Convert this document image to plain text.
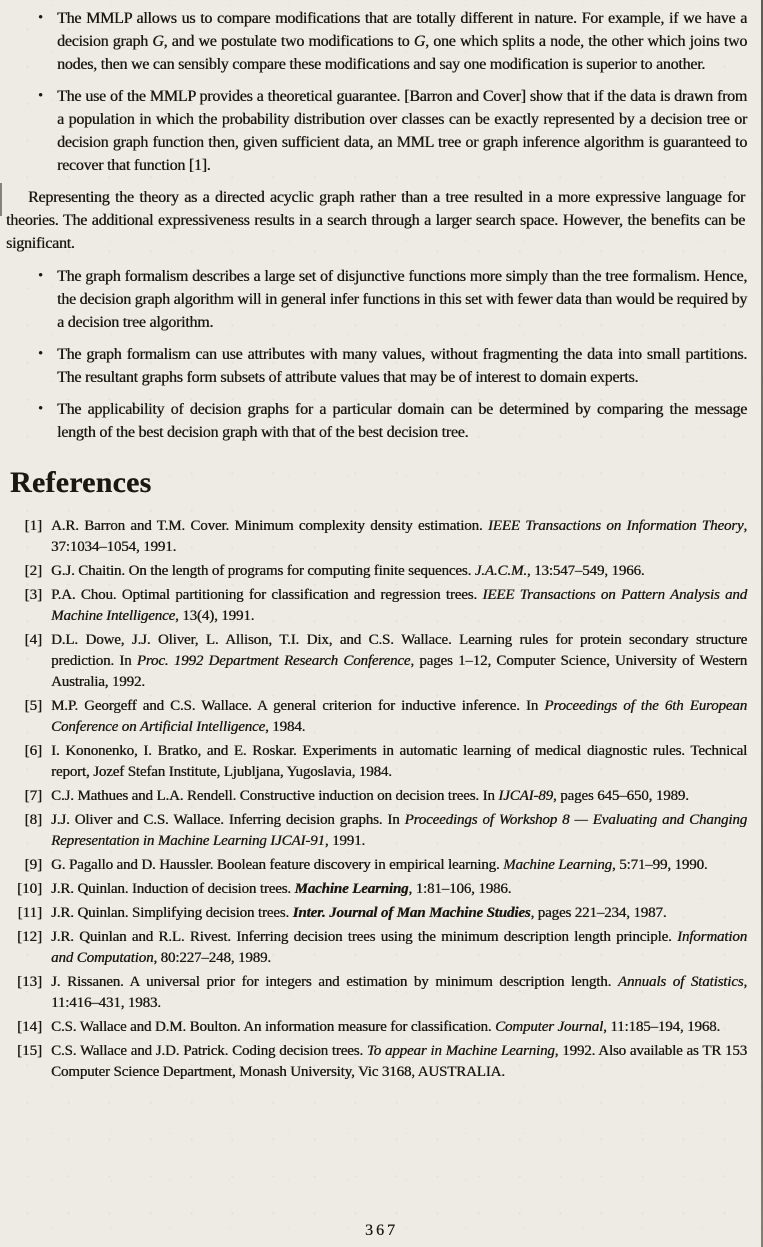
• The MMLP allows us to compare modifications that are totally different in nature. For example, if we have a decision graph G, and we postulate two modifications to G, one which splits a node, the other which joins two nodes, then we can sensibly compare these modifications and say one modification is superior to another.
• The use of the MMLP provides a theoretical guarantee. [Barron and Cover] show that if the data is drawn from a population in which the probability distribution over classes can be exactly represented by a decision tree or decision graph function then, given sufficient data, an MML tree or graph inference algorithm is guaranteed to recover that function [1].

Representing the theory as a directed acyclic graph rather than a tree resulted in a more expressive language for theories. The additional expressiveness results in a search through a larger search space. However, the benefits can be significant.

• The graph formalism describes a large set of disjunctive functions more simply than the tree formalism. Hence, the decision graph algorithm will in general infer functions in this set with fewer data than would be required by a decision tree algorithm.
• The graph formalism can use attributes with many values, without fragmenting the data into small partitions. The resultant graphs form subsets of attribute values that may be of interest to domain experts.
• The applicability of decision graphs for a particular domain can be determined by comparing the message length of the best decision graph with that of the best decision tree.
References
[1] A.R. Barron and T.M. Cover. Minimum complexity density estimation. IEEE Transactions on Information Theory, 37:1034–1054, 1991.
[2] G.J. Chaitin. On the length of programs for computing finite sequences. J.A.C.M., 13:547–549, 1966.
[3] P.A. Chou. Optimal partitioning for classification and regression trees. IEEE Transactions on Pattern Analysis and Machine Intelligence, 13(4), 1991.
[4] D.L. Dowe, J.J. Oliver, L. Allison, T.I. Dix, and C.S. Wallace. Learning rules for protein secondary structure prediction. In Proc. 1992 Department Research Conference, pages 1–12, Computer Science, University of Western Australia, 1992.
[5] M.P. Georgeff and C.S. Wallace. A general criterion for inductive inference. In Proceedings of the 6th European Conference on Artificial Intelligence, 1984.
[6] I. Kononenko, I. Bratko, and E. Roskar. Experiments in automatic learning of medical diagnostic rules. Technical report, Jozef Stefan Institute, Ljubljana, Yugoslavia, 1984.
[7] C.J. Mathues and L.A. Rendell. Constructive induction on decision trees. In IJCAI-89, pages 645–650, 1989.
[8] J.J. Oliver and C.S. Wallace. Inferring decision graphs. In Proceedings of Workshop 8 — Evaluating and Changing Representation in Machine Learning IJCAI-91, 1991.
[9] G. Pagallo and D. Haussler. Boolean feature discovery in empirical learning. Machine Learning, 5:71–99, 1990.
[10] J.R. Quinlan. Induction of decision trees. Machine Learning, 1:81–106, 1986.
[11] J.R. Quinlan. Simplifying decision trees. Inter. Journal of Man Machine Studies, pages 221–234, 1987.
[12] J.R. Quinlan and R.L. Rivest. Inferring decision trees using the minimum description length principle. Information and Computation, 80:227–248, 1989.
[13] J. Rissanen. A universal prior for integers and estimation by minimum description length. Annuals of Statistics, 11:416–431, 1983.
[14] C.S. Wallace and D.M. Boulton. An information measure for classification. Computer Journal, 11:185–194, 1968.
[15] C.S. Wallace and J.D. Patrick. Coding decision trees. To appear in Machine Learning, 1992. Also available as TR 153 Computer Science Department, Monash University, Vic 3168, AUSTRALIA.
367
